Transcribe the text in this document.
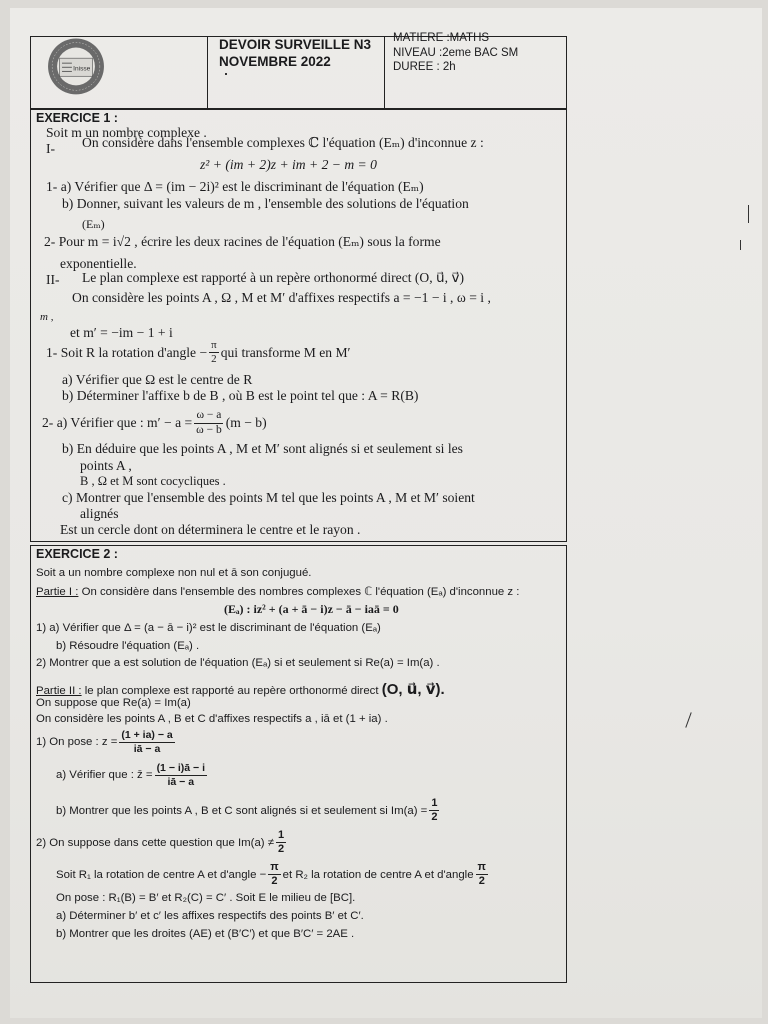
Inisse
DEVOIR SURVEILLE N3
NOVEMBRE 2022
MATIERE :MATHS
NIVEAU :2eme BAC SM
DUREE : 2h
EXERCICE 1 :
Soit m un nombre complexe .
I- On considère dans l'ensemble complexes ℂ l'équation (Eₘ) d'inconnue z :
z² + (im + 2)z + im + 2 − m = 0
1- a) Vérifier que Δ = (im − 2i)² est le discriminant de l'équation (Eₘ)
b) Donner, suivant les valeurs de m , l'ensemble des solutions de l'équation
(Eₘ)
2- Pour m = i√2 , écrire les deux racines de l'équation (Eₘ) sous la forme
exponentielle.
II- Le plan complexe est rapporté à un repère orthonormé direct (O, u⃗, v⃗)
On considère les points A , Ω , M et M′ d'affixes respectifs a = −1 − i , ω = i ,
m ,
et m′ = −im − 1 + i
1- Soit R la rotation d'angle − $\frac{\pi}{2}$ qui transforme M en M′
a) Vérifier que Ω est le centre de R
b) Déterminer l'affixe b de B , où B est le point tel que : A = R(B)
2- a) Vérifier que : $m' - a = \frac{\omega - a}{\omega - b} (m - b)$
b) En déduire que les points A , M et M′ sont alignés si et seulement si les
points A ,
B , Ω et M sont cocycliques .
c) Montrer que l'ensemble des points M tel que les points A , M et M′ soient
alignés
Est un cercle dont on déterminera le centre et le rayon .
EXERCICE 2 :
Soit a un nombre complexe non nul et ā son conjugué.
Partie I : On considère dans l'ensemble des nombres complexes ℂ l'équation (Eₐ) d'inconnue z :
(Eₐ) : iz² + (a + ā − i)z − ā − iaā = 0
1) a) Vérifier que Δ = (a − ā − i)² est le discriminant de l'équation (Eₐ)
b) Résoudre l'équation (Eₐ) .
2) Montrer que a est solution de l'équation (Eₐ) si et seulement si Re(a) = Im(a) .
Partie II : le plan complexe est rapporté au repère orthonormé direct (O, u⃗, v⃗).
On suppose que Re(a) = Im(a)
On considère les points A , B et C d'affixes respectifs a , iā et (1 + ia) .
1) On pose : $z = \frac{(1 + ia) - a}{iā - a}$
a) Vérifier que : z̄ = $\frac{(1 - i)ā - i}{iā - a}$
b) Montrer que les points A , B et C sont alignés si et seulement si $Im(a) = \frac{1}{2}$
2) On suppose dans cette question que $Im(a) \ne \frac{1}{2}$
Soit R₁ la rotation de centre A et d'angle − $\frac{\pi}{2}$ et R₂ la rotation de centre A et d'angle $\frac{\pi}{2}$
On pose : R₁(B) = B′ et R₂(C) = C′ . Soit E le milieu de [BC].
a) Déterminer b′ et c′ les affixes respectifs des points B′ et C′.
b) Montrer que les droites (AE) et (B′C′) et que B′C′ = 2AE .
